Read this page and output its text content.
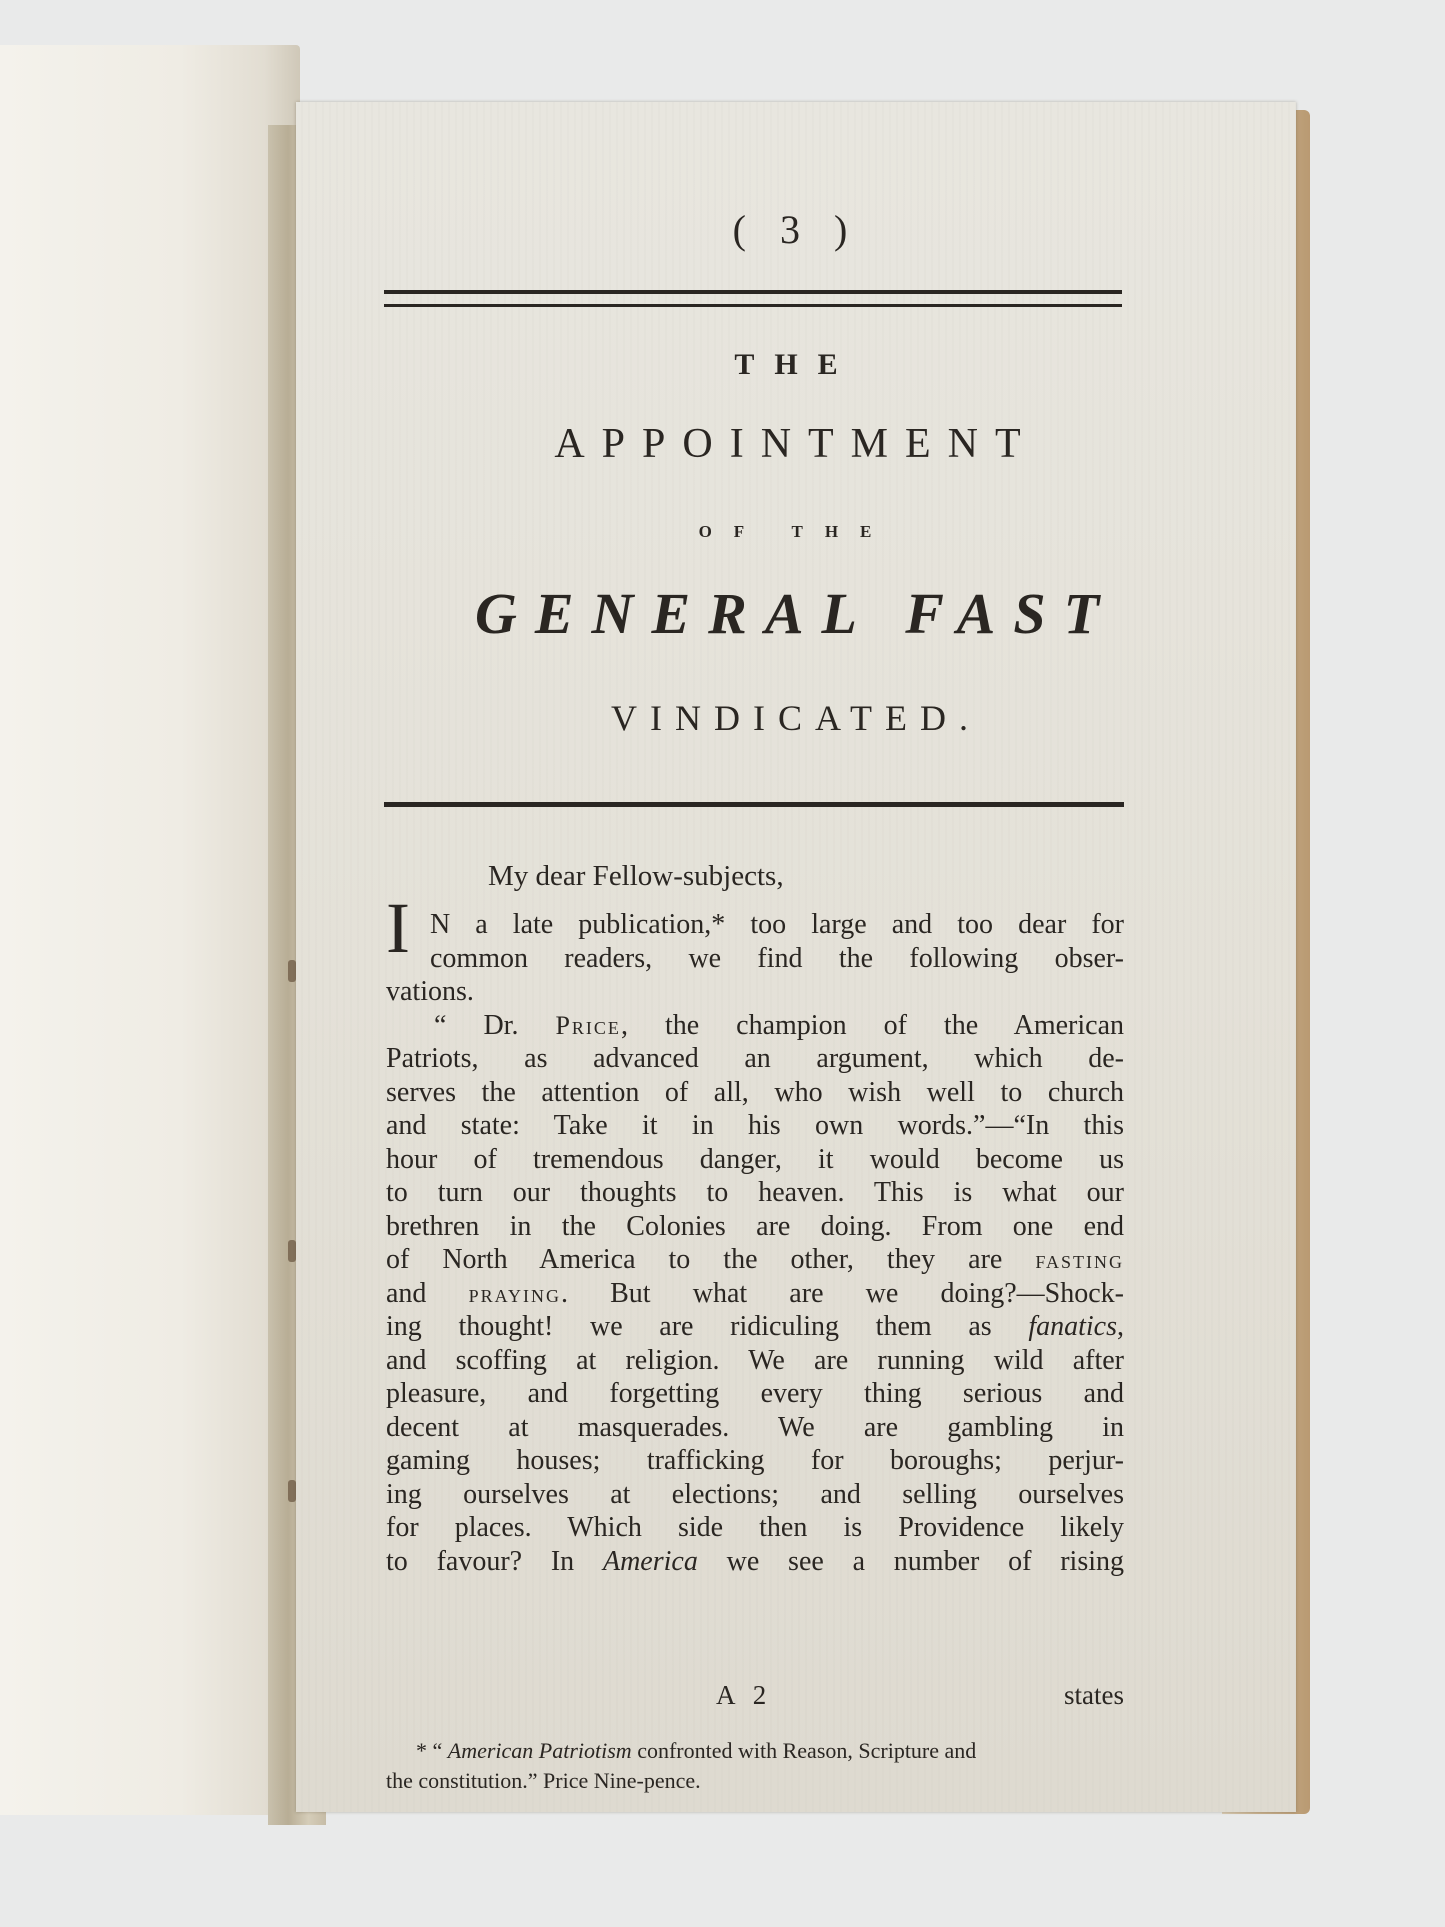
( 3 )
THE
APPOINTMENT
OF THE
GENERAL FAST
VINDICATED.
My dear Fellow-subjects,
I N a late publication,* too large and too dear for
common readers, we find the following obser-
vations.
“ Dr. Price, the champion of the American
Patriots, as advanced an argument, which de-
serves the attention of all, who wish well to church
and state: Take it in his own words.”—“In this
hour of tremendous danger, it would become us
to turn our thoughts to heaven. This is what our
brethren in the Colonies are doing. From one end
of North America to the other, they are fasting
and praying. But what are we doing?—Shock-
ing thought! we are ridiculing them as fanatics,
and scoffing at religion. We are running wild after
pleasure, and forgetting every thing serious and
decent at masquerades. We are gambling in
gaming houses; trafficking for boroughs; perjur-
ing ourselves at elections; and selling ourselves
for places. Which side then is Providence likely
to favour? In America we see a number of rising
A 2	states
* “ American Patriotism confronted with Reason, Scripture and
the constitution.” Price Nine-pence.
